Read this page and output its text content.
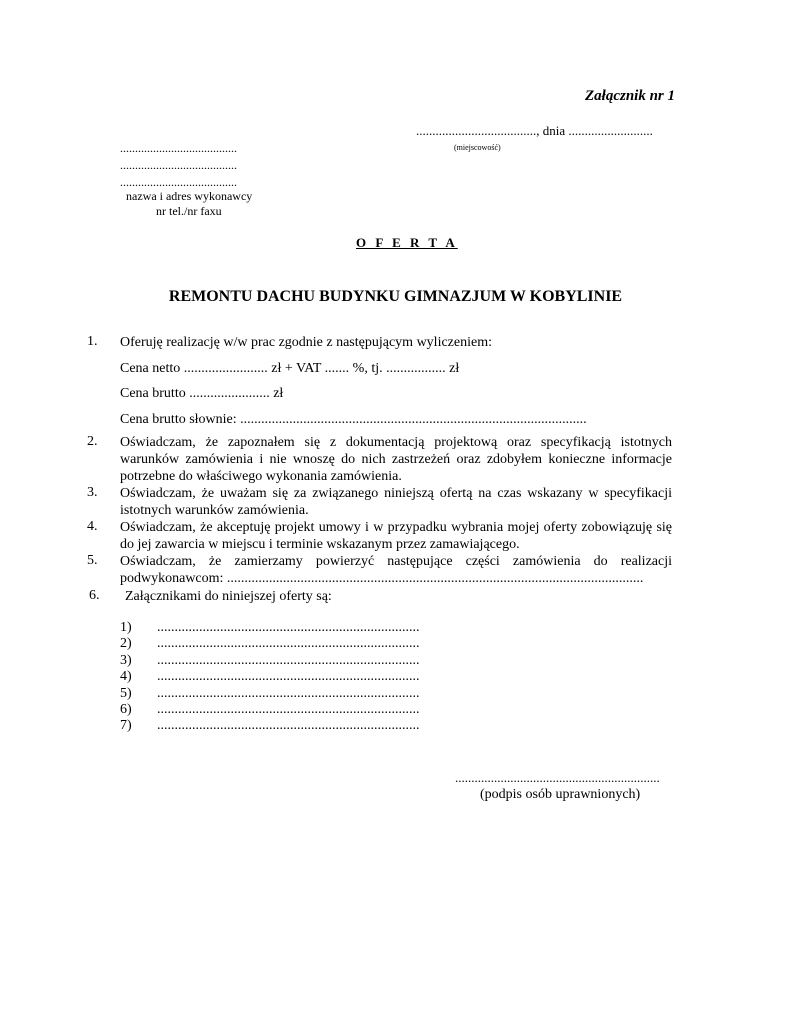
Załącznik nr 1
....................................., dnia ..........................
(miejscowość)
.......................................
.......................................
.......................................
nazwa i adres wykonawcy
nr tel./nr faxu
O F E R T A
REMONTU DACHU BUDYNKU GIMNAZJUM W KOBYLINIE
1. Oferuję realizację w/w prac zgodnie z następującym wyliczeniem:
Cena netto ........................ zł + VAT ....... %, tj. ................. zł
Cena brutto ....................... zł
Cena brutto słownie: ...................................................................................................
2. Oświadczam, że zapoznałem się z dokumentacją projektową oraz specyfikacją istotnych warunków zamówienia i nie wnoszę do nich zastrzeżeń oraz zdobyłem konieczne informacje potrzebne do właściwego wykonania zamówienia.
3. Oświadczam, że uważam się za związanego niniejszą ofertą na czas wskazany w specyfikacji istotnych warunków zamówienia.
4. Oświadczam, że akceptuję projekt umowy i w przypadku wybrania mojej oferty zobowiązuję się do jej zawarcia w miejscu i terminie wskazanym przez zamawiającego.
5. Oświadczam, że zamierzamy powierzyć następujące części zamówienia do realizacji podwykonawcom: .......................................................................................................................
6. Załącznikami do niniejszej oferty są:
1) ...........................................................................
2) ...........................................................................
3) ...........................................................................
4) ...........................................................................
5) ...........................................................................
6) ...........................................................................
7) ...........................................................................
...............................................................
(podpis osób uprawnionych)
